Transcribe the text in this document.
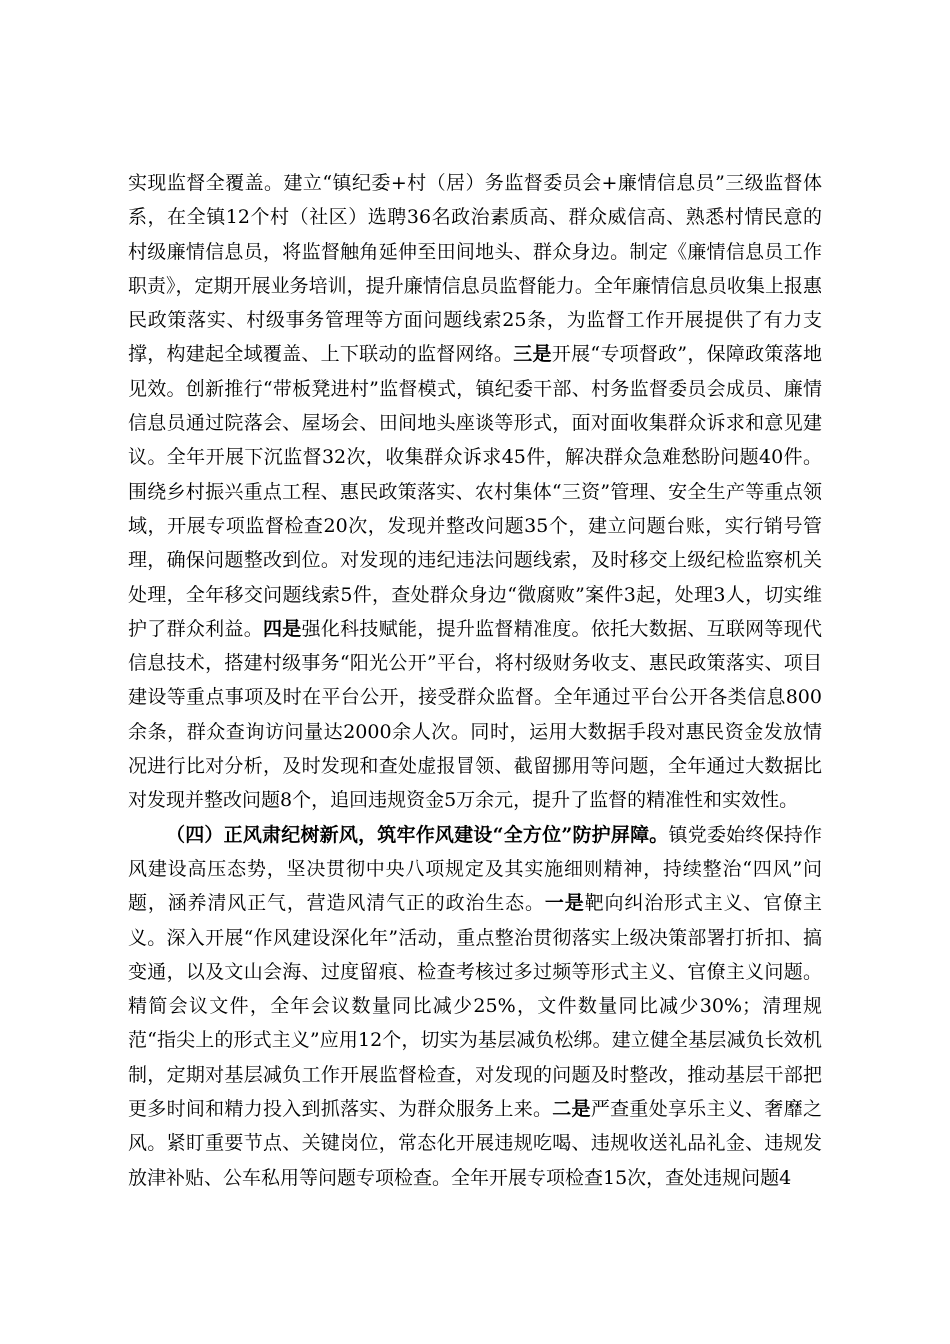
实现监督全覆盖。建立“镇纪委+村（居）务监督委员会+廉情信息员”三级监督体系，在全镇12个村（社区）选聘36名政治素质高、群众威信高、熟悉村情民意的村级廉情信息员，将监督触角延伸至田间地头、群众身边。制定《廉情信息员工作职责》，定期开展业务培训，提升廉情信息员监督能力。全年廉情信息员收集上报惠民政策落实、村级事务管理等方面问题线索25条，为监督工作开展提供了有力支撑，构建起全域覆盖、上下联动的监督网络。三是开展“专项督政”，保障政策落地见效。创新推行“带板凳进村”监督模式，镇纪委干部、村务监督委员会成员、廉情信息员通过院落会、屋场会、田间地头座谈等形式，面对面收集群众诉求和意见建议。全年开展下沉监督32次，收集群众诉求45件，解决群众急难愁盼问题40件。围绕乡村振兴重点工程、惠民政策落实、农村集体“三资”管理、安全生产等重点领域，开展专项监督检查20次，发现并整改问题35个，建立问题台账，实行销号管理，确保问题整改到位。对发现的违纪违法问题线索，及时移交上级纪检监察机关处理，全年移交问题线索5件，查处群众身边“微腐败”案件3起，处理3人，切实维护了群众利益。四是强化科技赋能，提升监督精准度。依托大数据、互联网等现代信息技术，搭建村级事务“阳光公开”平台，将村级财务收支、惠民政策落实、项目建设等重点事项及时在平台公开，接受群众监督。全年通过平台公开各类信息800余条，群众查询访问量达2000余人次。同时，运用大数据手段对惠民资金发放情况进行比对分析，及时发现和查处虚报冒领、截留挪用等问题，全年通过大数据比对发现并整改问题8个，追回违规资金5万余元，提升了监督的精准性和实效性。

（四）正风肃纪树新风，筑牢作风建设“全方位”防护屏障。镇党委始终保持作风建设高压态势，坚决贯彻中央八项规定及其实施细则精神，持续整治“四风”问题，涵养清风正气，营造风清气正的政治生态。一是靶向纠治形式主义、官僚主义。深入开展“作风建设深化年”活动，重点整治贯彻落实上级决策部署打折扣、搞变通，以及文山会海、过度留痕、检查考核过多过频等形式主义、官僚主义问题。精简会议文件，全年会议数量同比减少25%，文件数量同比减少30%；清理规范“指尖上的形式主义”应用12个，切实为基层减负松绑。建立健全基层减负长效机制，定期对基层减负工作开展监督检查，对发现的问题及时整改，推动基层干部把更多时间和精力投入到抓落实、为群众服务上来。二是严查重处享乐主义、奢靡之风。紧盯重要节点、关键岗位，常态化开展违规吃喝、违规收送礼品礼金、违规发放津补贴、公车私用等问题专项检查。全年开展专项检查15次，查处违规问题4
